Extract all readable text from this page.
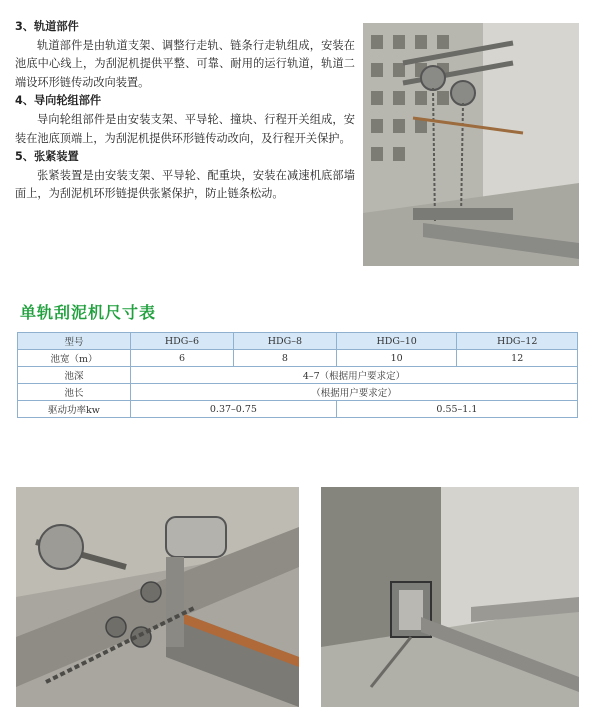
3、轨道部件

轨道部件是由轨道支架、调整行走轨、链条行走轨组成，安装在池底中心线上，为刮泥机提供平整、可靠、耐用的运行轨道，轨道二端设环形链传动改向装置。

4、导向轮组部件

导向轮组部件是由安装支架、平导轮、撞块、行程开关组成，安装在池底顶端上，为刮泥机提供环形链传动改向，及行程开关保护。

5、张紧装置

张紧装置是由安装支架、平导轮、配重块，安装在减速机底部墙面上，为刮泥机环形链提供张紧保护，防止链条松动。

单轨刮泥机尺寸表
型号	HDG–6	HDG–8	HDG–10	HDG–12
池宽（m）	6	8	10	12
池深	4–7（根据用户要求定）			
池长	（根据用户要求定）			
驱动功率kw	0.37–0.75		0.55–1.1	
